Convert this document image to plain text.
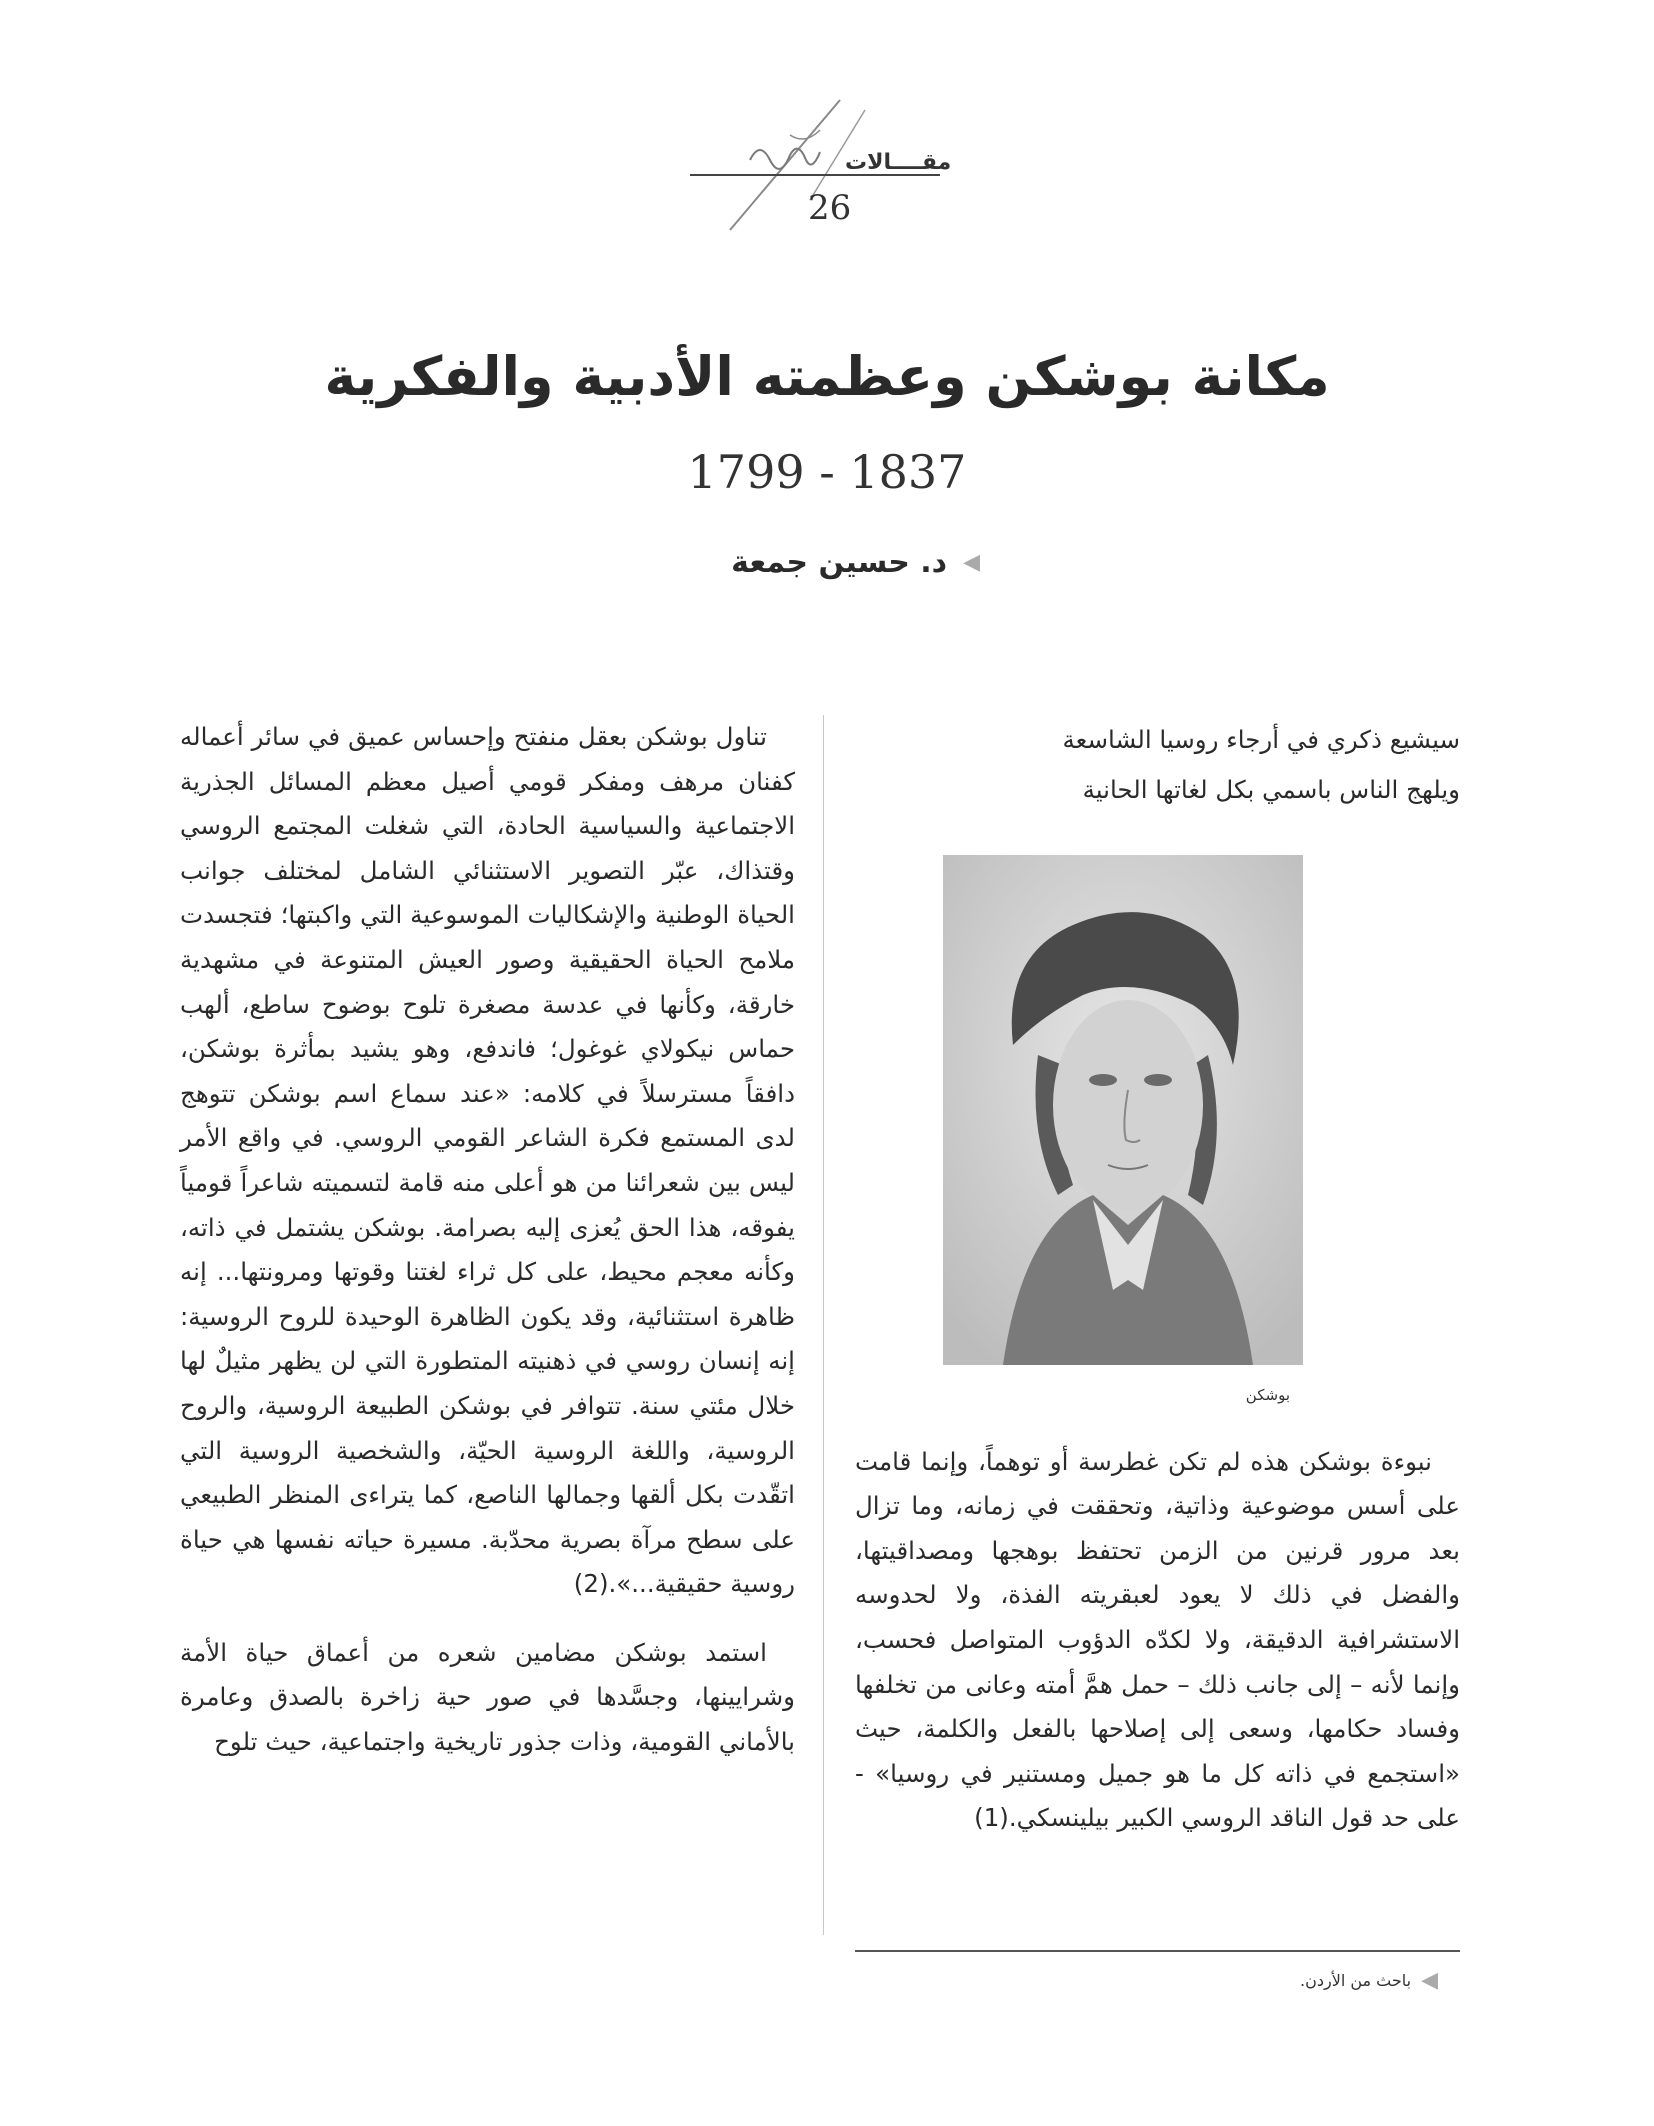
مقــــالات
26
مكانة بوشكن وعظمته الأدبية والفكرية
1799 - 1837
◀
د. حسين جمعة
سيشيع ذكري في أرجاء روسيا الشاسعة
ويلهج الناس باسمي بكل لغاتها الحانية
بوشكن

نبوءة بوشكن هذه لم تكن غطرسة أو توهماً، وإنما قامت على أسس موضوعية وذاتية، وتحققت في زمانه، وما تزال بعد مرور قرنين من الزمن تحتفظ بوهجها ومصداقيتها، والفضل في ذلك لا يعود لعبقريته الفذة، ولا لحدوسه الاستشرافية الدقيقة، ولا لكدّه الدؤوب المتواصل فحسب، وإنما لأنه – إلى جانب ذلك – حمل همَّ أمته وعانى من تخلفها وفساد حكامها، وسعى إلى إصلاحها بالفعل والكلمة، حيث «استجمع في ذاته كل ما هو جميل ومستنير في روسيا» - على حد قول الناقد الروسي الكبير بيلينسكي.(1)

تناول بوشكن بعقل منفتح وإحساس عميق في سائر أعماله كفنان مرهف ومفكر قومي أصيل معظم المسائل الجذرية الاجتماعية والسياسية الحادة، التي شغلت المجتمع الروسي وقتذاك، عبّر التصوير الاستثنائي الشامل لمختلف جوانب الحياة الوطنية والإشكاليات الموسوعية التي واكبتها؛ فتجسدت ملامح الحياة الحقيقية وصور العيش المتنوعة في مشهدية خارقة، وكأنها في عدسة مصغرة تلوح بوضوح ساطع، ألهب حماس نيكولاي غوغول؛ فاندفع، وهو يشيد بمأثرة بوشكن، دافقاً مسترسلاً في كلامه: «عند سماع اسم بوشكن تتوهج لدى المستمع فكرة الشاعر القومي الروسي. في واقع الأمر ليس بين شعرائنا من هو أعلى منه قامة لتسميته شاعراً قومياً يفوقه، هذا الحق يُعزى إليه بصرامة. بوشكن يشتمل في ذاته، وكأنه معجم محيط، على كل ثراء لغتنا وقوتها ومرونتها... إنه ظاهرة استثنائية، وقد يكون الظاهرة الوحيدة للروح الروسية: إنه إنسان روسي في ذهنيته المتطورة التي لن يظهر مثيلٌ لها خلال مئتي سنة. تتوافر في بوشكن الطبيعة الروسية، والروح الروسية، واللغة الروسية الحيّة، والشخصية الروسية التي اتقّدت بكل ألقها وجمالها الناصع، كما يتراءى المنظر الطبيعي على سطح مرآة بصرية محدّبة. مسيرة حياته نفسها هي حياة روسية حقيقية...».(2)

استمد بوشكن مضامين شعره من أعماق حياة الأمة وشرايينها، وجسَّدها في صور حية زاخرة بالصدق وعامرة بالأماني القومية، وذات جذور تاريخية واجتماعية، حيث تلوح

◀
باحث من الأردن.
